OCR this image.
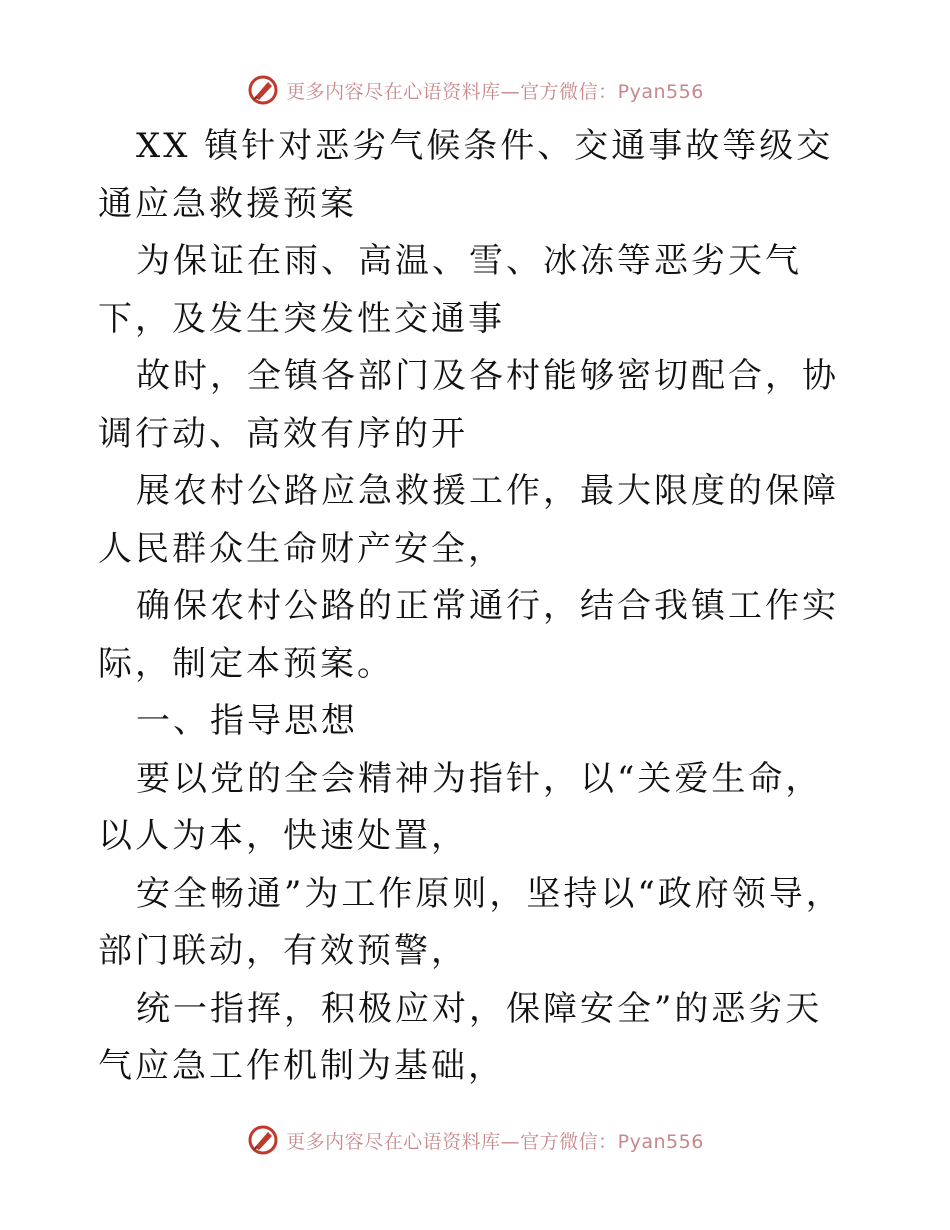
更多内容尽在心语资料库—官方微信：Pyan556

XX 镇针对恶劣气候条件、交通事故等级交通应急救援预案

为保证在雨、高温、雪、冰冻等恶劣天气下，及发生突发性交通事

故时，全镇各部门及各村能够密切配合，协调行动、高效有序的开

展农村公路应急救援工作，最大限度的保障人民群众生命财产安全，

确保农村公路的正常通行，结合我镇工作实际，制定本预案。

一、指导思想

要以党的全会精神为指针，以“关爱生命，以人为本，快速处置，

安全畅通”为工作原则，坚持以“政府领导，部门联动，有效预警，

统一指挥，积极应对，保障安全”的恶劣天气应急工作机制为基础，

更多内容尽在心语资料库—官方微信：Pyan556
